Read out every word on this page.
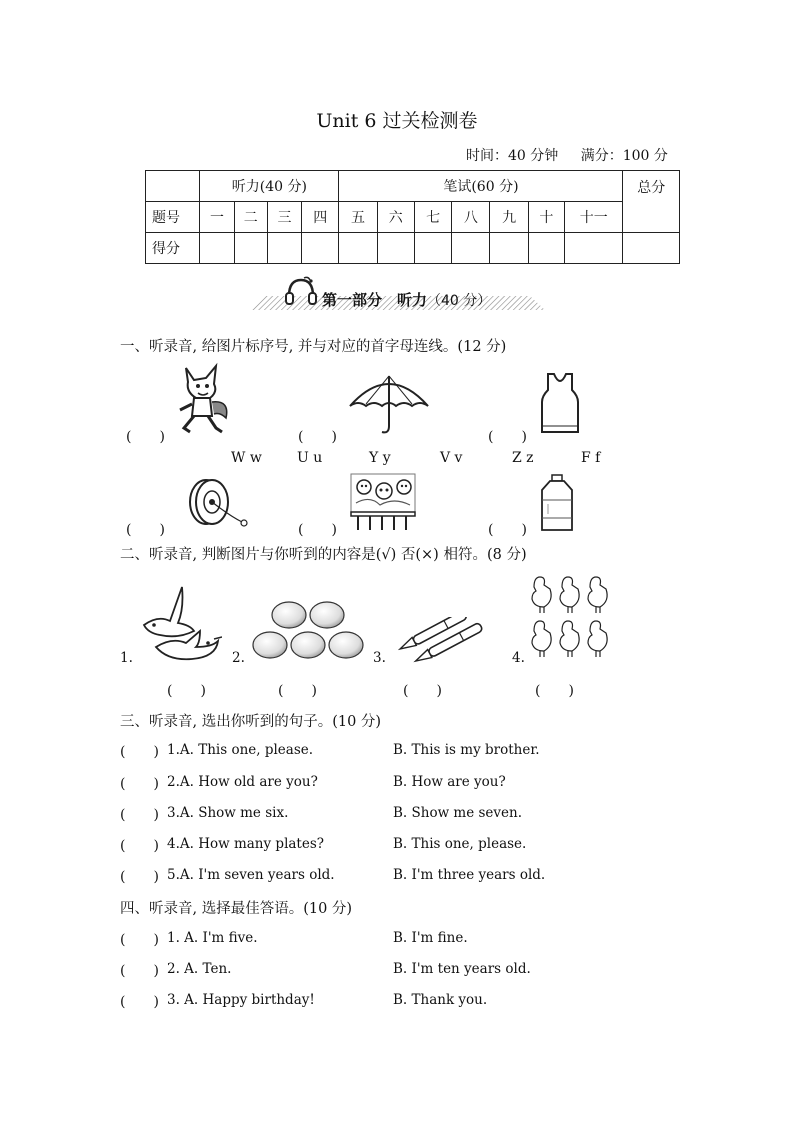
Unit 6 过关检测卷
时间：40 分钟 满分：100 分
	听力(40 分)				笔试(60 分)							总分
题号	一	二	三	四	五	六	七	八	九	十	十一	
得分												
第一部分　听力（40 分）
一、听录音, 给图片标序号, 并与对应的首字母连线。(12 分)
(　　)	(　　)	(　　)
W w	U u	Y y	V v	Z z	F f
(　　)	(　　)	(　　)
二、听录音, 判断图片与你听到的内容是(√) 否(×) 相符。(8 分)
1.	2.	3.	4.
(　　)	(　　)	(　　)	(　　)
三、听录音, 选出你听到的句子。(10 分)
(　　) 1.A. This one, please.	B. This is my brother.
(　　) 2.A. How old are you?	B. How are you?
(　　) 3.A. Show me six.	B. Show me seven.
(　　) 4.A. How many plates?	B. This one, please.
(　　) 5.A. I'm seven years old.	B. I'm three years old.
四、听录音, 选择最佳答语。(10 分)
(　　) 1. A. I'm five.	B. I'm fine.
(　　) 2. A. Ten.	B. I'm ten years old.
(　　) 3. A. Happy birthday!	B. Thank you.
